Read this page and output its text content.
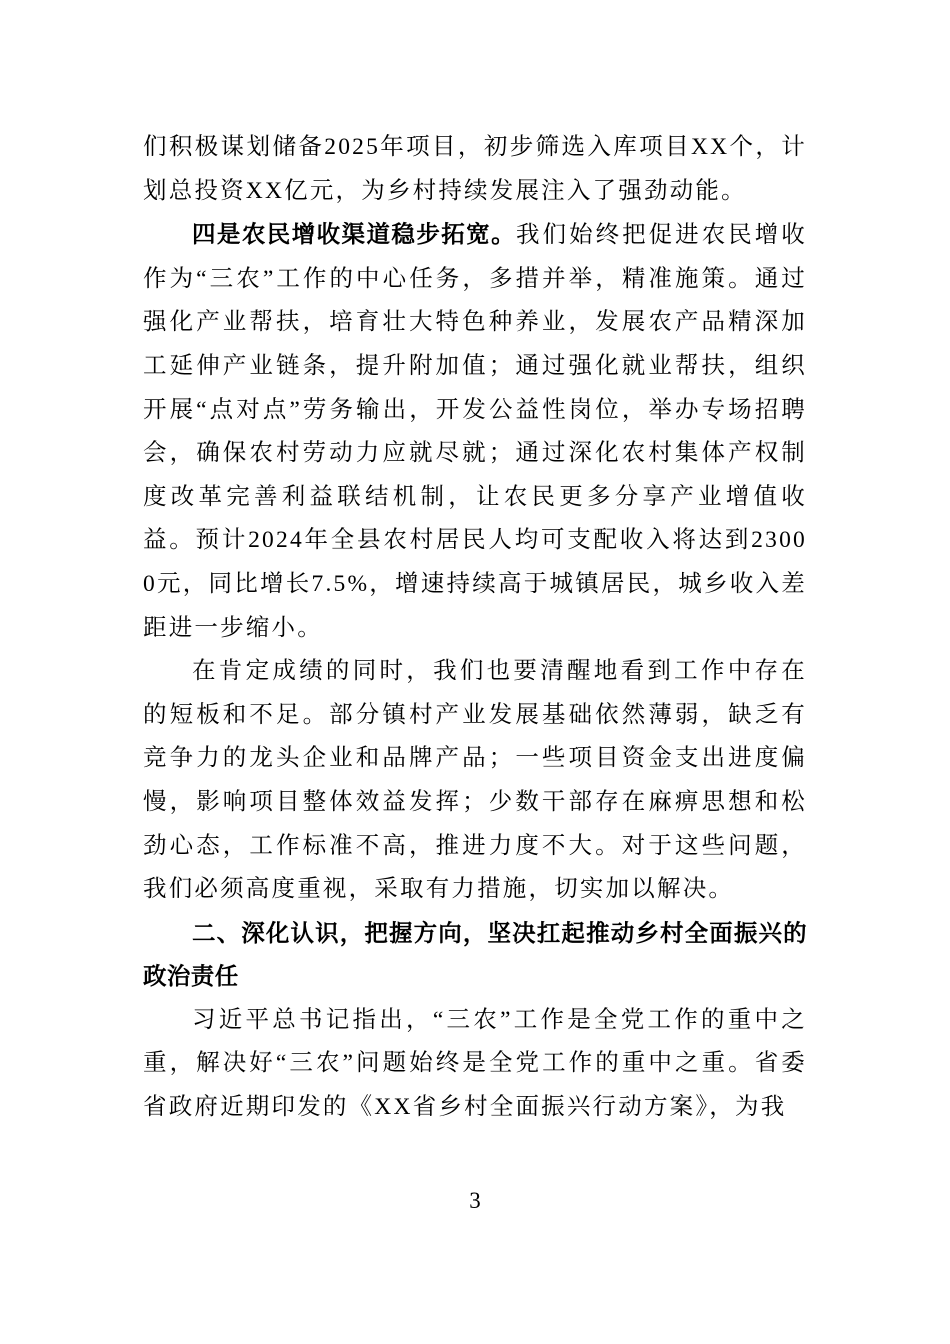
们积极谋划储备2025年项目，初步筛选入库项目XX个，计划总投资XX亿元，为乡村持续发展注入了强劲动能。

四是农民增收渠道稳步拓宽。我们始终把促进农民增收作为“三农”工作的中心任务，多措并举，精准施策。通过强化产业帮扶，培育壮大特色种养业，发展农产品精深加工延伸产业链条，提升附加值；通过强化就业帮扶，组织开展“点对点”劳务输出，开发公益性岗位，举办专场招聘会，确保农村劳动力应就尽就；通过深化农村集体产权制度改革完善利益联结机制，让农民更多分享产业增值收益。预计2024年全县农村居民人均可支配收入将达到23000元，同比增长7.5%，增速持续高于城镇居民，城乡收入差距进一步缩小。

在肯定成绩的同时，我们也要清醒地看到工作中存在的短板和不足。部分镇村产业发展基础依然薄弱，缺乏有竞争力的龙头企业和品牌产品；一些项目资金支出进度偏慢，影响项目整体效益发挥；少数干部存在麻痹思想和松劲心态，工作标准不高，推进力度不大。对于这些问题，我们必须高度重视，采取有力措施，切实加以解决。

二、深化认识，把握方向，坚决扛起推动乡村全面振兴的政治责任

习近平总书记指出，“三农”工作是全党工作的重中之重，解决好“三农”问题始终是全党工作的重中之重。省委省政府近期印发的《XX省乡村全面振兴行动方案》，为我

3
